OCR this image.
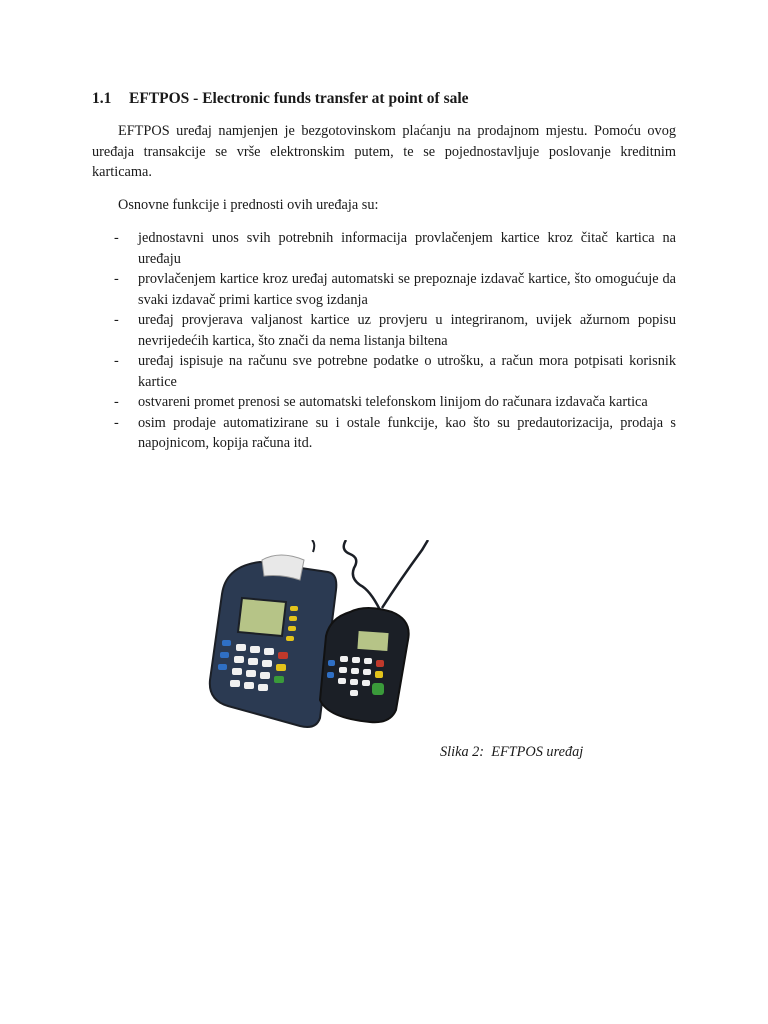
1.1 EFTPOS - Electronic funds transfer at point of sale

EFTPOS uređaj namjenjen je bezgotovinskom plaćanju na prodajnom mjestu. Pomoću ovog uređaja transakcije se vrše elektronskim putem, te se pojednostavljuje poslovanje kreditnim karticama.

Osnovne funkcije i prednosti ovih uređaja su:

- jednostavni unos svih potrebnih informacija provlačenjem kartice kroz čitač kartica na uređaju
- provlačenjem kartice kroz uređaj automatski se prepoznaje izdavač kartice, što omogućuje da svaki izdavač primi kartice svog izdanja
- uređaj provjerava valjanost kartice uz provjeru u integriranom, uvijek ažurnom popisu nevrijedećih kartica, što znači da nema listanja biltena
- uređaj ispisuje na računu sve potrebne podatke o utrošku, a račun mora potpisati korisnik kartice
- ostvareni promet prenosi se automatski telefonskom linijom do računara izdavača kartica
- osim prodaje automatizirane su i ostale funkcije, kao što su predautorizacija, prodaja s napojnicom, kopija računa itd.
Slika 2:  EFTPOS uređaj
